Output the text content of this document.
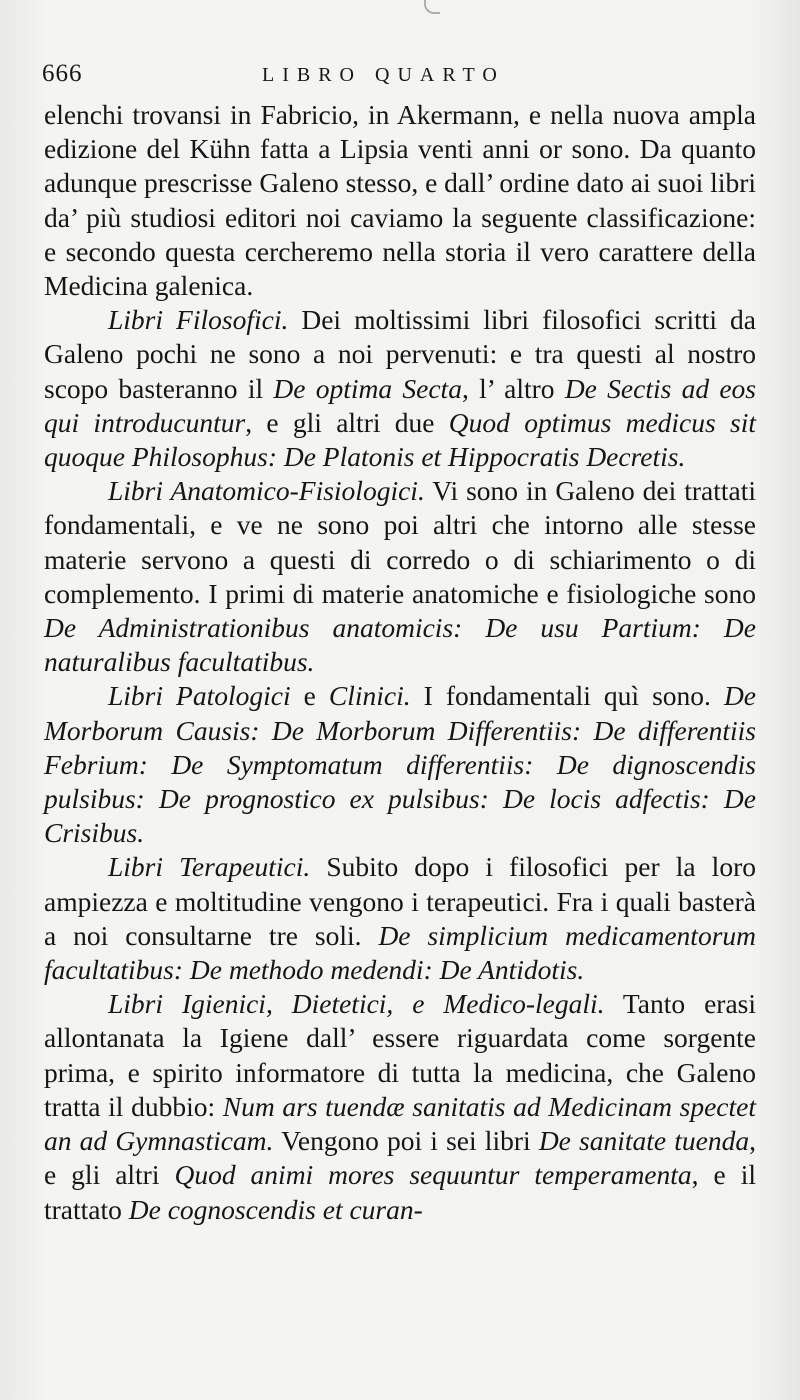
666	LIBRO QUARTO

elenchi trovansi in Fabricio, in Akermann, e nella nuova ampla edizione del Kühn fatta a Lipsia venti anni or sono. Da quanto adunque prescrisse Galeno stesso, e dall’ ordine dato ai suoi libri da’ più studiosi editori noi caviamo la seguente classificazione: e secondo questa cercheremo nella storia il vero carattere della Medicina galenica.

Libri Filosofici. Dei moltissimi libri filosofici scritti da Galeno pochi ne sono a noi pervenuti: e tra questi al nostro scopo basteranno il De optima Secta, l’ altro De Sectis ad eos qui introducuntur, e gli altri due Quod optimus medicus sit quoque Philosophus: De Platonis et Hippocratis Decretis.

Libri Anatomico-Fisiologici. Vi sono in Galeno dei trattati fondamentali, e ve ne sono poi altri che intorno alle stesse materie servono a questi di corredo o di schiarimento o di complemento. I primi di materie anatomiche e fisiologiche sono De Administrationibus anatomicis: De usu Partium: De naturalibus facultatibus.

Libri Patologici e Clinici. I fondamentali quì sono. De Morborum Causis: De Morborum Differentiis: De differentiis Febrium: De Symptomatum differentiis: De dignoscendis pulsibus: De prognostico ex pulsibus: De locis adfectis: De Crisibus.

Libri Terapeutici. Subito dopo i filosofici per la loro ampiezza e moltitudine vengono i terapeutici. Fra i quali basterà a noi consultarne tre soli. De simplicium medicamentorum facultatibus: De methodo medendi: De Antidotis.

Libri Igienici, Dietetici, e Medico-legali. Tanto erasi allontanata la Igiene dall’ essere riguardata come sorgente prima, e spirito informatore di tutta la medicina, che Galeno tratta il dubbio: Num ars tuendæ sanitatis ad Medicinam spectet an ad Gymnasticam. Vengono poi i sei libri De sanitate tuenda, e gli altri Quod animi mores sequuntur temperamenta, e il trattato De cognoscendis et curan-
